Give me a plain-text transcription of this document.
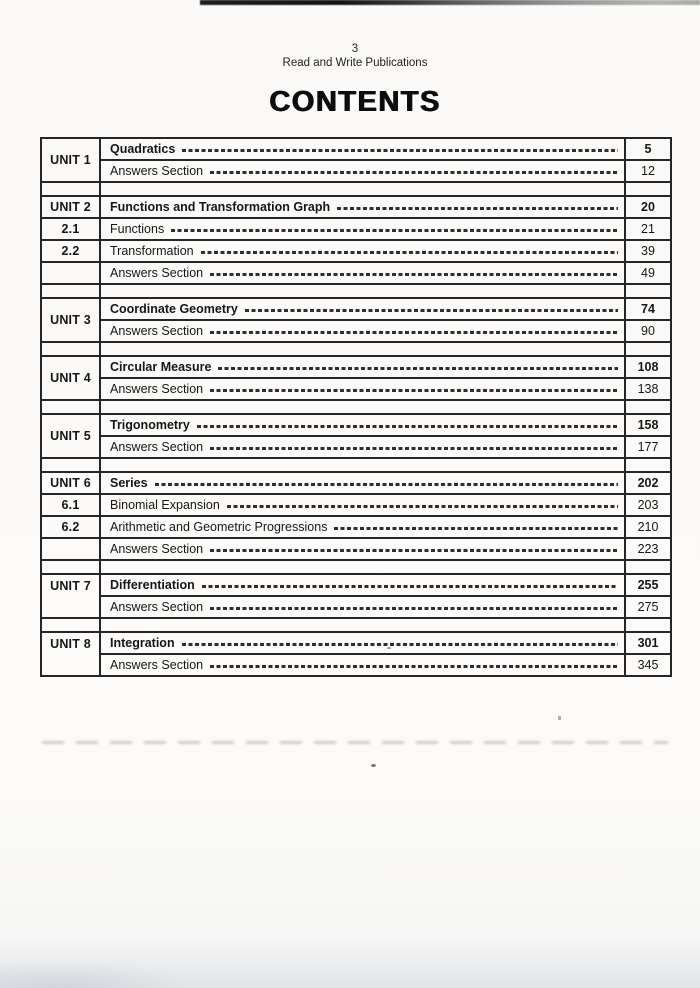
3
Read and Write Publications
CONTENTS
UNIT 1	Quadratics	5

	Answers Section	12

UNIT 2	Functions and Transformation Graph	20
2.1	Functions	21
2.2	Transformation	39

	Answers Section	49

UNIT 3	Coordinate Geometry	74

	Answers Section	90

UNIT 4	Circular Measure	108

	Answers Section	138

UNIT 5	Trigonometry	158

	Answers Section	177

UNIT 6	Series	202
6.1	Binomial Expansion	203
6.2	Arithmetic and Geometric Progressions	210

	Answers Section	223

UNIT 7	Differentiation	255

	Answers Section	275

UNIT 8	Integration	301

	Answers Section	345
